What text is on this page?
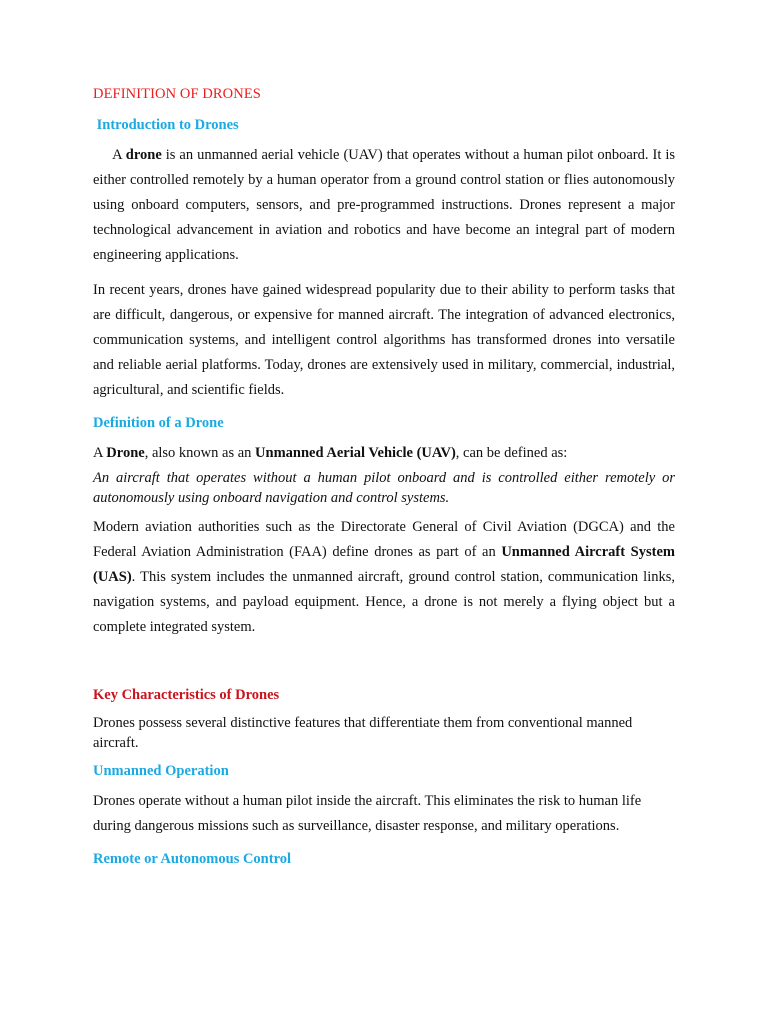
DEFINITION OF DRONES
Introduction to Drones

A drone is an unmanned aerial vehicle (UAV) that operates without a human pilot onboard. It is either controlled remotely by a human operator from a ground control station or flies autonomously using onboard computers, sensors, and pre-programmed instructions. Drones represent a major technological advancement in aviation and robotics and have become an integral part of modern engineering applications.

In recent years, drones have gained widespread popularity due to their ability to perform tasks that are difficult, dangerous, or expensive for manned aircraft. The integration of advanced electronics, communication systems, and intelligent control algorithms has transformed drones into versatile and reliable aerial platforms. Today, drones are extensively used in military, commercial, industrial, agricultural, and scientific fields.

Definition of a Drone

A Drone, also known as an Unmanned Aerial Vehicle (UAV), can be defined as:

An aircraft that operates without a human pilot onboard and is controlled either remotely or autonomously using onboard navigation and control systems.

Modern aviation authorities such as the Directorate General of Civil Aviation (DGCA) and the Federal Aviation Administration (FAA) define drones as part of an Unmanned Aircraft System (UAS). This system includes the unmanned aircraft, ground control station, communication links, navigation systems, and payload equipment. Hence, a drone is not merely a flying object but a complete integrated system.

Key Characteristics of Drones

Drones possess several distinctive features that differentiate them from conventional manned aircraft.

Unmanned Operation

Drones operate without a human pilot inside the aircraft. This eliminates the risk to human life during dangerous missions such as surveillance, disaster response, and military operations.

Remote or Autonomous Control
